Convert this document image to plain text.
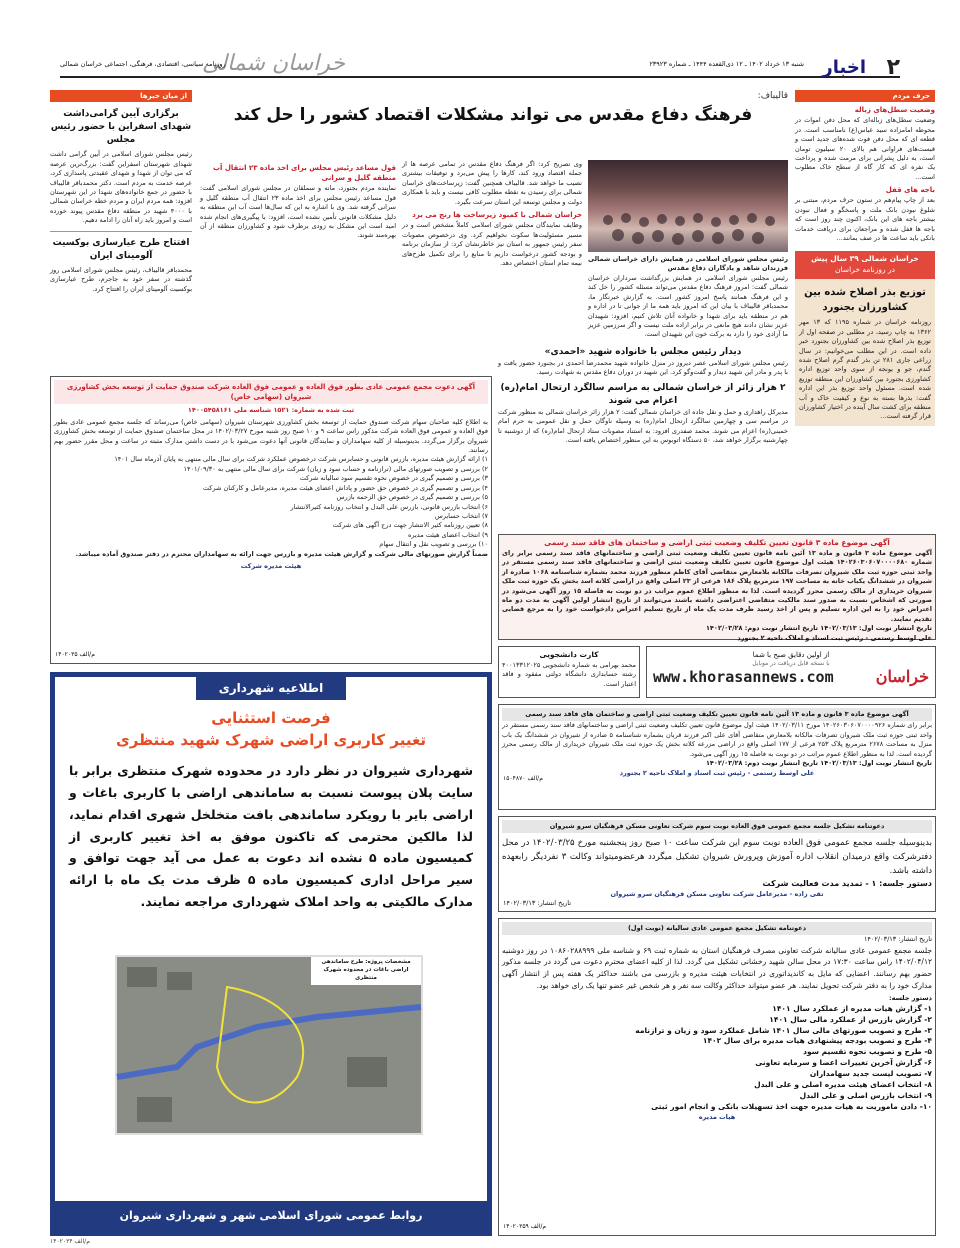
۲
اخبار
شنبه ۱۳ خرداد ۱۴۰۲ ـ ۱۲ ذی‌القعده ۱۴۴۴ ـ شماره ۲۳۹۲۳
خراسان شمالی
روزنامه سیاسی، اقتصادی، فرهنگی، اجتماعی خراسان شمالی
حرف مردم
وضعیت سطل‌های زباله
وضعیت سطل‌های زباله‌ای که محل دفن اموات در محوطه امامزاده سید عباس(ع) نامناسب است. در قطعه ای که محل دفن فوت شده‌های جدید است و قبست‌های فراوانی هم بالای ۲۰ سیلیون تومان است، به دلیل پشرانی برای مرمت شده و پرداخت یک نفره ای که کار گاه از سطح خاک مطلوب است...
باجه های قفل
بعد از چاپ پیام‌هم در ستون حرف مردم، مبتنی بر شلوغ نبودن بانک ملت و پاسخگو و فعال نبودن بیشتر باجه های این بانک، اکنون چند روز است که باجه ها قفل شده و مراجعان برای دریافت خدمات بانکی باید ساعت ها در صف بمانند...
خراسان شمالی ۳۹ سال پیش
در روزنامه خراسان
توزیع بذر اصلاح شده بین کشاورزان بجنورد
روزنامه خراسان در شماره ۱۱۹۵ که ۱۳ مهر ۱۳۶۲ به چاپ رسید، در مطلبی در صفحه اول از توزیع بذر اصلاح شده بین کشاورزان بجنورد خبر داده است. در این مطلب می‌خوانیم: در سال زراعی جاری ۲۸۱ تن بذر گندم گرم اصلاح شده گندم، جو و یونجه از سوی واحد توزیع اداره کشاورزی بجنورد بین کشاورزان این منطقه توزیع شده است. مسئول واحد توزیع بذر این اداره گفت: بذرها بسته به نوع و کیفیت خاک و آب منطقه برای کشت سال آینده در اختیار کشاورزان قرار گرفته است...
قالیباف:
فرهنگ دفاع مقدس می تواند مشکلات اقتصاد کشور را حل کند
رئیس مجلس شورای اسلامی در همایش دارای خراسان شمالی فرزندان شاهد و یادگاران دفاع مقدس
رئیس مجلس شورای اسلامی در همایش بزرگداشت سرداران خراسان شمالی گفت: امروز فرهنگ دفاع مقدس می‌تواند مسئله کشور را حل کند و این فرهنگ همانند پاسخ امروز کشور است. به گزارش خبرنگار ما، محمدباقر قالیباف با بیان این که امروز باید همه ما از جوانی تا در اداره و هم در منطقه باید برای شهدا و خانواده آنان تلاش کنیم، افزود: شهیدان عزیز نشان دادند هیچ مانعی در برابر اراده ملت نیست و اگر سرزمین عزیز ما آزادی خود را دارد به برکت خون این شهیدان است.
وی تصریح کرد: اگر فرهنگ دفاع مقدس در تمامی عرصه ها از جمله اقتصاد ورود کند، کارها را پیش می‌برد و توفیقات بیشتری نصیب ما خواهد شد. قالیباف همچنین گفت: زیرساخت‌های خراسان شمالی برای رسیدن به نقطه مطلوب کافی نیست و باید با همکاری دولت و مجلس توسعه این استان سرعت بگیرد.
خراسان شمالی با کمبود زیرساخت ها رنج می برد
وظایف نمایندگان مجلس شورای اسلامی کاملاً مشخص است و در مسیر مسئولیت‌ها سکوت نخواهیم کرد. وی درخصوص مصوبات سفر رئیس جمهور به استان نیز خاطرنشان کرد: از سازمان برنامه و بودجه کشور درخواست داریم تا منابع را برای تکمیل طرح‌های نیمه تمام استان اختصاص دهد.
قول مساعد رئیس مجلس برای اخذ ماده ۲۳ انتقال آب منطقه گلیل و سرانی
نماینده مردم بجنورد، مانه و سملقان در مجلس شورای اسلامی گفت: قول مساعد رئیس مجلس برای اخذ ماده ۲۳ انتقال آب منطقه گلیل و سرانی گرفته شد. وی با اشاره به این که سال‌ها است آب این منطقه به دلیل مشکلات قانونی تأمین نشده است، افزود: با پیگیری‌های انجام شده امید است این مشکل به زودی برطرف شود و کشاورزان منطقه از آن بهره‌مند شوند.
از میان خبرها
برگزاری آیین گرامی‌داشت شهدای اسفراین با حضور رئیس مجلس
رئیس مجلس شورای اسلامی در آیین گرامی داشت شهدای شهرستان اسفراین گفت: بزرگ‌ترین عرصه که می توان از شهدا و شهدای عقیدتی پاسداری کرد، عرصه خدمت به مردم است. دکتر محمدباقر قالیباف با حضور در جمع خانواده‌های شهدا در این شهرستان افزود: همه مردم ایران و مردم خطه خراسان شمالی با ۴۰۰۰ شهید در منطقه دفاع مقدس پیوند خورده است و امروز باید راه آنان را ادامه دهیم.
افتتاح طرح عیارسازی بوکسیت آلومینای ایران
محمدباقر قالیباف، رئیس مجلس شورای اسلامی روز گذشته در سفر خود به جاجرم، طرح عیارسازی بوکسیت آلومینای ایران را افتتاح کرد.
دیدار رئیس مجلس با خانواده شهید «احمدی»
رئیس مجلس شورای اسلامی عصر دیروز در منزل خانواده شهید محمدرضا احمدی در بجنورد حضور یافت و با پدر و مادر این شهید دیدار و گفت‌وگو کرد. این شهید در دوران دفاع مقدس به شهادت رسید.
۲ هزار زائر از خراسان شمالی به مراسم سالگرد ارتحال امام(ره) اعزام می شوند
مدیرکل راهداری و حمل و نقل جاده ای خراسان شمالی گفت: ۲ هزار زائر خراسان شمالی به منظور شرکت در مراسم سی و چهارمین سالگرد ارتحال امام(ره) به وسیله ناوگان حمل و نقل عمومی به حرم امام خمینی(ره) اعزام می شوند. محمد صفدری افزود: به استناد مصوبات ستاد ارتحال امام(ره) که از دوشنبه تا چهارشنبه برگزار خواهد شد، ۵۰ دستگاه اتوبوس به این منظور اختصاص یافته است.
آگهی دعوت مجمع عمومی عادی بطور فوق العاده و عمومی فوق العاده شرکت صندوق حمایت از توسعه بخش کشاورزی شیروان (سهامی خاص)
ثبت شده به شماره: ۱۵۲۱ شناسه ملی ۱۴۰۰۵۴۵۸۱۶۱
به اطلاع کلیه صاحبان سهام شرکت صندوق حمایت از توسعه بخش کشاورزی شهرستان شیروان (سهامی خاص) می‌رساند که جلسه مجمع عمومی عادی بطور فوق العاده و عمومی فوق العاده شرکت مذکور راس ساعت ۹ و ۱۰ صبح روز شنبه مورخ ۱۴۰۲/۰۳/۲۷ در محل ساختمان صندوق حمایت از توسعه بخش کشاورزی شیروان برگزار می‌گردد. بدینوسیله از کلیه سهامداران و نمایندگان قانونی آنها دعوت می‌شود با در دست داشتن مدارک مثبته در ساعت و محل مقرر حضور بهم رسانند.
۱) ارائه گزارش هیئت مدیره، بازرس قانونی و حسابرس شرکت درخصوص عملکرد شرکت برای سال مالی منتهی به پایان آذرماه سال ۱۴۰۱
۲) بررسی و تصویب صورتهای مالی (ترازنامه و حساب سود و زیان) شرکت برای سال مالی منتهی به ۱۴۰۱/۰۹/۳۰
۳) بررسی و تصمیم گیری در خصوص نحوه تقسیم سود سالیانه شرکت
۴) بررسی و تصمیم گیری در خصوص حق حضور و پاداش اعضای هیئت مدیره، مدیرعامل و کارکنان شرکت
۵) بررسی و تصمیم گیری در خصوص حق الزحمه بازرس
۶) انتخاب بازرس قانونی، بازرس علی البدل و انتخاب روزنامه کثیرالانتشار
۷) انتخاب حسابرس
۸) تعیین روزنامه کثیر الانتشار جهت درج آگهی های شرکت
۹) انتخاب اعضای هیئت مدیره
۱۰) بررسی و تصویب نقل و انتقال سهام
ضمناً گزارش صورتهای مالی شرکت و گزارش هیئت مدیره و بازرس جهت ارائه به سهامداران محترم در دفتر صندوق آماده میباشد.
هیئت مدیره شرکت
م/الف ۱۴۰۲۰۳۵
آگهی موضوع ماده ۳ قانون تعیین تکلیف وضعیت ثبتی اراضی و ساختمان های فاقد سند رسمی
آگهی موضوع ماده ۳ قانون و ماده ۱۳ آئین نامه قانون تعیین تکلیف وضعیت ثبتی اراضی و ساختمانهای فاقد سند رسمی برابر رای شماره ۱۴۰۲۶۰۳۰۶۰۷۰۰۰۰۶۸۰ هیئت اول موضوع قانون تعیین تکلیف وضعیت ثبتی اراضی و ساختمانهای فاقد سند رسمی مستقر در واحد ثبتی حوزه ثبت ملک شیروان تصرفات مالکانه بلامعارض متقاضی آقای کاظم منظور فرزند محمد بشماره شناسنامه ۱۰۶۸ صادره از شیروان در ششدانگ یکباب خانه به مساحت ۱۹۷ مترمربع پلاک ۱۸۶ فرعی از ۲۳ اصلی واقع در اراضی کلاته اسد بخش یک حوزه ثبت ملک شیروان خریداری از مالک رسمی محرز گردیده است. لذا به منظور اطلاع عموم مراتب در دو نوبت به فاصله ۱۵ روز آگهی می‌شود در صورتی که اشخاص نسبت به صدور سند مالکیت متقاضی اعتراضی داشته باشند می‌توانند از تاریخ انتشار اولین آگهی به مدت دو ماه اعتراض خود را به این اداره تسلیم و پس از اخذ رسید ظرف مدت یک ماه از تاریخ تسلیم اعتراض دادخواست خود را به مرجع قضایی تقدیم نمایند.
تاریخ انتشار نوبت اول: ۱۴۰۲/۰۳/۱۳ تاریخ انتشار نوبت دوم: ۱۴۰۲/۰۳/۲۸
علی اوسط رستمی - رئیس ثبت اسناد و املاک ناحیه ۲ بجنورد
اطلاعیه شهرداری
فرصت استثنایی
تغییر کاربری اراضی شهرک شهید منتظری
شهرداری شیروان در نظر دارد در محدوده شهرک منتظری برابر با سایت پلان پیوست نسبت به ساماندهی اراضی با کاربری باغات و اراضی بایر با رویکرد ساماندهی بافت متخلخل شهری اقدام نماید، لذا مالکین محترمی که تاکنون موفق به اخذ تغییر کاربری از کمیسیون ماده ۵ نشده اند دعوت به عمل می آید جهت توافق و سیر مراحل اداری کمیسیون ماده ۵ ظرف مدت یک ماه با ارائه مدارک مالکیتی به واحد املاک شهرداری مراجعه نمایند.
مشخصات پروژه: طرح ساماندهی اراضی باغات در محدوده شهرک منتظری
روابط عمومی شورای اسلامی شهر و شهرداری شیروان
از اولین دقایق صبح با شما
با نسخه قابل دریافت در موبایل
www.khorasannews.com	خراسان
کارت دانشجویی
محمد بهرامی به شماره دانشجویی ۴۰۰۱۳۳۱۲۰۲۵ رشته حسابداری دانشگاه دولتی مفقود و فاقد اعتبار است.
آگهی موضوع ماده ۳ قانون و ماده ۱۳ آئین نامه قانون تعیین تکلیف وضعیت ثبتی اراضی و ساختمان های فاقد سند رسمی
برابر رای شماره ۱۴۰۲۶۰۳۰۶۰۷۰۰۰۰۹۲۶ مورخ ۱۴۰۲/۰۳/۱۱ هیئت اول موضوع قانون تعیین تکلیف وضعیت ثبتی اراضی و ساختمانهای فاقد سند رسمی مستقر در واحد ثبتی حوزه ثبت ملک شیروان تصرفات مالکانه بلامعارض متقاضی آقای علی اکبر فرزند قربان بشماره شناسنامه ۵ صادره از شیروان در ششدانگ یک باب منزل به مساحت ۲۶۷۸ مترمربع پلاک ۲۵۳ فرعی از ۱۷۷ اصلی واقع در اراضی مزرعه کلاته بخش یک حوزه ثبت ملک شیروان خریداری از مالک رسمی محرز گردیده است. لذا به منظور اطلاع عموم مراتب در دو نوبت به فاصله ۱۵ روز آگهی می‌شود.
تاریخ انتشار نوبت اول: ۱۴۰۲/۰۳/۱۳ تاریخ انتشار نوبت دوم: ۱۴۰۲/۰۳/۲۸
علی اوسط رستمی - رئیس ثبت اسناد و املاک ناحیه ۲ بجنورد
م/الف ۱۵۰۴۸۷۰
دعوتنامه تشکیل جلسه مجمع عمومی فوق العاده نوبت سوم شرکت تعاونی مسکن فرهنگیان سرو شیروان
بدینوسیله جلسه مجمع عمومی فوق العاده نوبت سوم این شرکت ساعت ۱۰ صبح روز پنجشنبه مورخ ۱۴۰۲/۰۳/۲۵ در محل دفترشرکت واقع درمیدان انقلاب اداره آموزش وپرورش شیروان تشکیل میگردد هرعضومیتواند وکالت ۳ نفردیگر رابعهده داشته باشد.
دستور جلسه: ۱ - تمدید مدت فعالیت شرکت
تقی زاده - مدیرعامل شرکت تعاونی مسکن فرهنگیان سرو شیروان
تاریخ انتشار: ۱۴۰۲/۰۳/۱۳
دعوتنامه تشکیل مجمع عمومی عادی سالیانه (نوبت اول)
تاریخ انتشار: ۱۴۰۲/۰۳/۱۳
جلسه مجمع عمومی عادی سالیانه شرکت تعاونی مصرف فرهنگیان استان به شماره ثبت ۶۹ و شناسه ملی ۱۰۸۶۰۲۸۸۹۹۹ در روز دوشنبه ۱۴۰۲/۰۴/۱۲ راس ساعت ۱۷:۳۰ در محل سالن شهید رخشانی تشکیل می گردد. لذا از کلیه اعضای محترم دعوت می گردد در جلسه مذکور حضور بهم رسانند. اعضایی که مایل به کاندیداتوری در انتخابات هیئت مدیره و بازرسی می باشند حداکثر یک هفته پس از انتشار آگهی مدارک خود را به دفتر شرکت تحویل نمایند. هر عضو میتواند حداکثر وکالت سه نفر و هر شخص غیر عضو تنها یک رای خواهد بود.
دستور جلسه:
۱- گزارش هیات مدیره از عملکرد سال ۱۴۰۱
۲- گزارش بازرس از عملکرد مالی سال ۱۴۰۱
۳- طرح و تصویب صورتهای مالی سال ۱۴۰۱ شامل عملکرد سود و زیان و ترازنامه
۴- طرح و تصویب بودجه پیشنهادی هیات مدیره برای سال ۱۴۰۲
۵- طرح و تصویب نحوه تقسیم سود
۶- گزارش آخرین تغییرات اعضا و سرمایه تعاونی
۷- تصویب لیست جدید سهامداران
۸- انتخاب اعضای هیئت مدیره اصلی و علی البدل
۹- انتخاب بازرس اصلی و علی البدل
۱۰- دادن ماموریت به هیات مدیره جهت اخذ تسهیلات بانکی و انجام امور ثبتی
هیات مدیره
م/الف ۱۴۰۲۰۳۵۹
م/الف ۱۴۰۲۰۳۴
